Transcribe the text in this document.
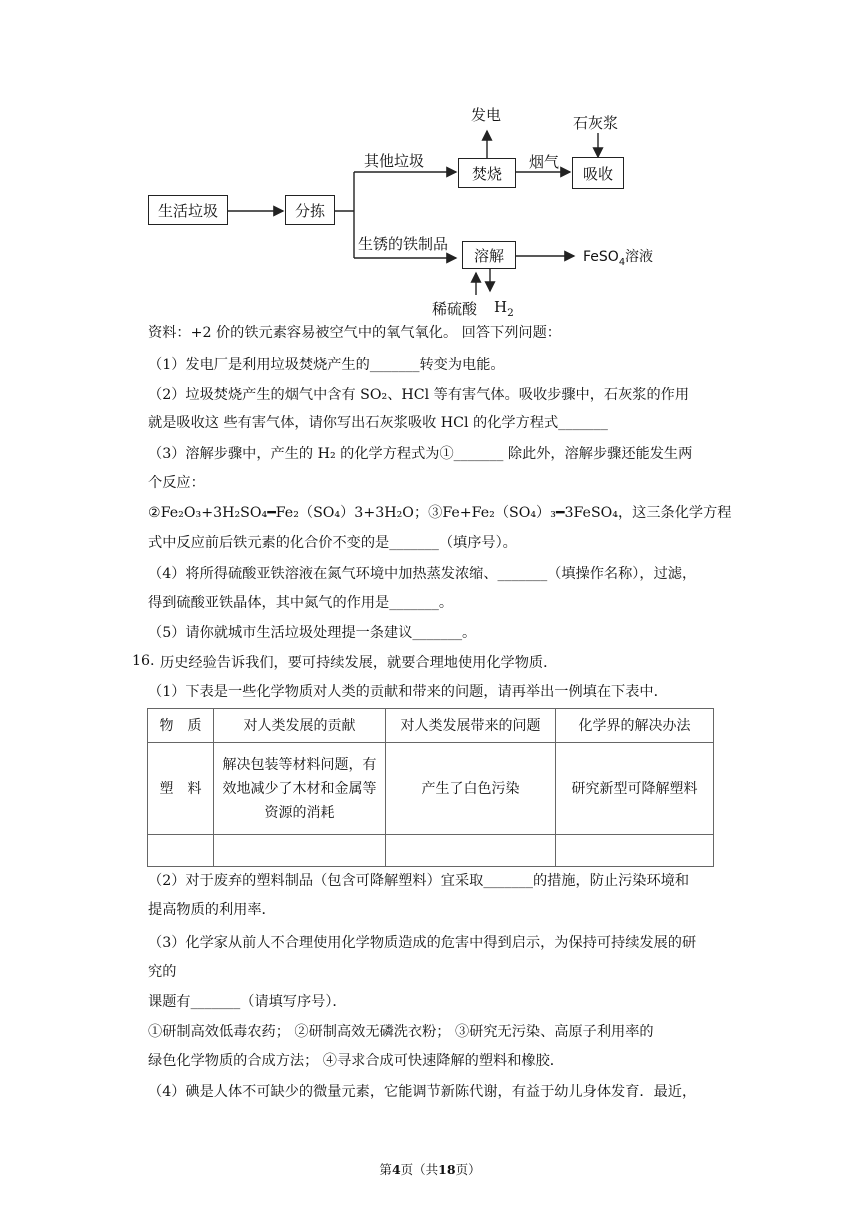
生活垃圾	分拣
其他垃圾
生锈的铁制品
焚烧
发电
烟气
石灰浆
吸收
溶解	FeSO$_4$溶液
稀硫酸 $H_2$
资料：+2 价的铁元素容易被空气中的氧气氧化。 回答下列问题：
（1）发电厂是利用垃圾焚烧产生的_______转变为电能。
（2）垃圾焚烧产生的烟气中含有 SO₂、HCl 等有害气体。吸收步骤中，石灰浆的作用
就是吸收这 些有害气体，请你写出石灰浆吸收 HCl 的化学方程式_______
（3）溶解步骤中，产生的 H₂ 的化学方程式为①_______ 除此外，溶解步骤还能发生两
个反应：
②Fe₂O₃+3H₂SO₄━Fe₂（SO₄）3+3H₂O；③Fe+Fe₂（SO₄）₃━3FeSO₄，这三条化学方程
式中反应前后铁元素的化合价不变的是_______（填序号）。
（4）将所得硫酸亚铁溶液在氮气环境中加热蒸发浓缩、_______（填操作名称），过滤，
得到硫酸亚铁晶体，其中氮气的作用是_______。
（5）请你就城市生活垃圾处理提一条建议_______。
16. 历史经验告诉我们，要可持续发展，就要合理地使用化学物质．
（1）下表是一些化学物质对人类的贡献和带来的问题，请再举出一例填在下表中．
物　质	对人类发展的贡献	对人类发展带来的问题	化学界的解决办法
塑　料	解决包装等材料问题，有效地减少了木材和金属等资源的消耗	产生了白色污染	研究新型可降解塑料

（2）对于废弃的塑料制品（包含可降解塑料）宜采取_______的措施，防止污染环境和
提高物质的利用率．
（3）化学家从前人不合理使用化学物质造成的危害中得到启示，为保持可持续发展的研
究的
课题有_______（请填写序号）．
①研制高效低毒农药； ②研制高效无磷洗衣粉； ③研究无污染、高原子利用率的
绿色化学物质的合成方法； ④寻求合成可快速降解的塑料和橡胶．
（4）碘是人体不可缺少的微量元素，它能调节新陈代谢，有益于幼儿身体发育．最近，
第4页（共18页）
